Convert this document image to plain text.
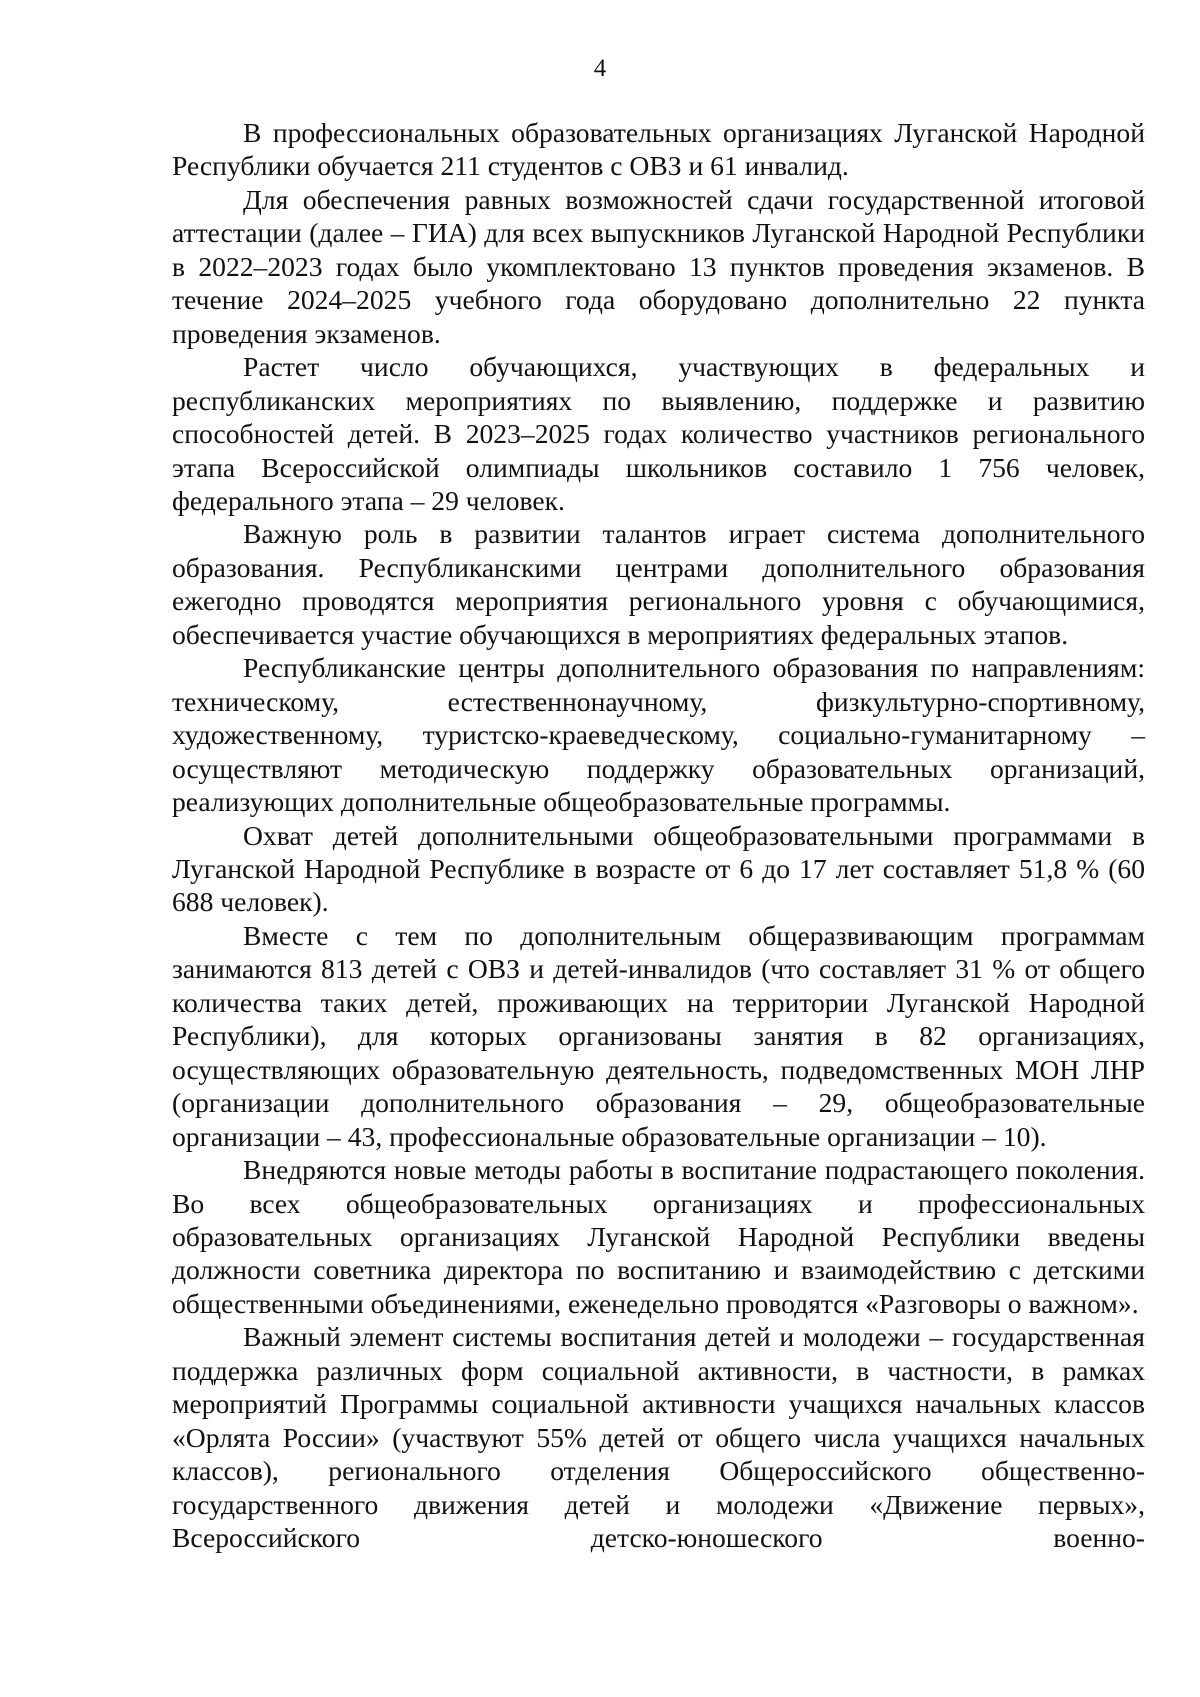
4

В профессиональных образовательных организациях Луганской Народной Республики обучается 211 студентов с ОВЗ и 61 инвалид.

Для обеспечения равных возможностей сдачи государственной итоговой аттестации (далее – ГИА) для всех выпускников Луганской Народной Республики в 2022–2023 годах было укомплектовано 13 пунктов проведения экзаменов. В течение 2024–2025 учебного года оборудовано дополнительно 22 пункта проведения экзаменов.

Растет число обучающихся, участвующих в федеральных и республиканских мероприятиях по выявлению, поддержке и развитию способностей детей. В 2023–2025 годах количество участников регионального этапа Всероссийской олимпиады школьников составило 1 756 человек, федерального этапа – 29 человек.

Важную роль в развитии талантов играет система дополнительного образования. Республиканскими центрами дополнительного образования ежегодно проводятся мероприятия регионального уровня с обучающимися, обеспечивается участие обучающихся в мероприятиях федеральных этапов.

Республиканские центры дополнительного образования по направлениям: техническому, естественнонаучному, физкультурно-спортивному, художественному, туристско-краеведческому, социально-гуманитарному – осуществляют методическую поддержку образовательных организаций, реализующих дополнительные общеобразовательные программы.

Охват детей дополнительными общеобразовательными программами в Луганской Народной Республике в возрасте от 6 до 17 лет составляет 51,8 % (60 688 человек).

Вместе с тем по дополнительным общеразвивающим программам занимаются 813 детей с ОВЗ и детей-инвалидов (что составляет 31 % от общего количества таких детей, проживающих на территории Луганской Народной Республики), для которых организованы занятия в 82 организациях, осуществляющих образовательную деятельность, подведомственных МОН ЛНР (организации дополнительного образования – 29, общеобразовательные организации – 43, профессиональные образовательные организации – 10).

Внедряются новые методы работы в воспитание подрастающего поколения. Во всех общеобразовательных организациях и профессиональных образовательных организациях Луганской Народной Республики введены должности советника директора по воспитанию и взаимодействию с детскими общественными объединениями, еженедельно проводятся «Разговоры о важном».

Важный элемент системы воспитания детей и молодежи – государственная поддержка различных форм социальной активности, в частности, в рамках мероприятий Программы социальной активности учащихся начальных классов «Орлята России» (участвуют 55% детей от общего числа учащихся начальных классов), регионального отделения Общероссийского общественно-государственного движения детей и молодежи «Движение первых», Всероссийского детско-юношеского военно-
